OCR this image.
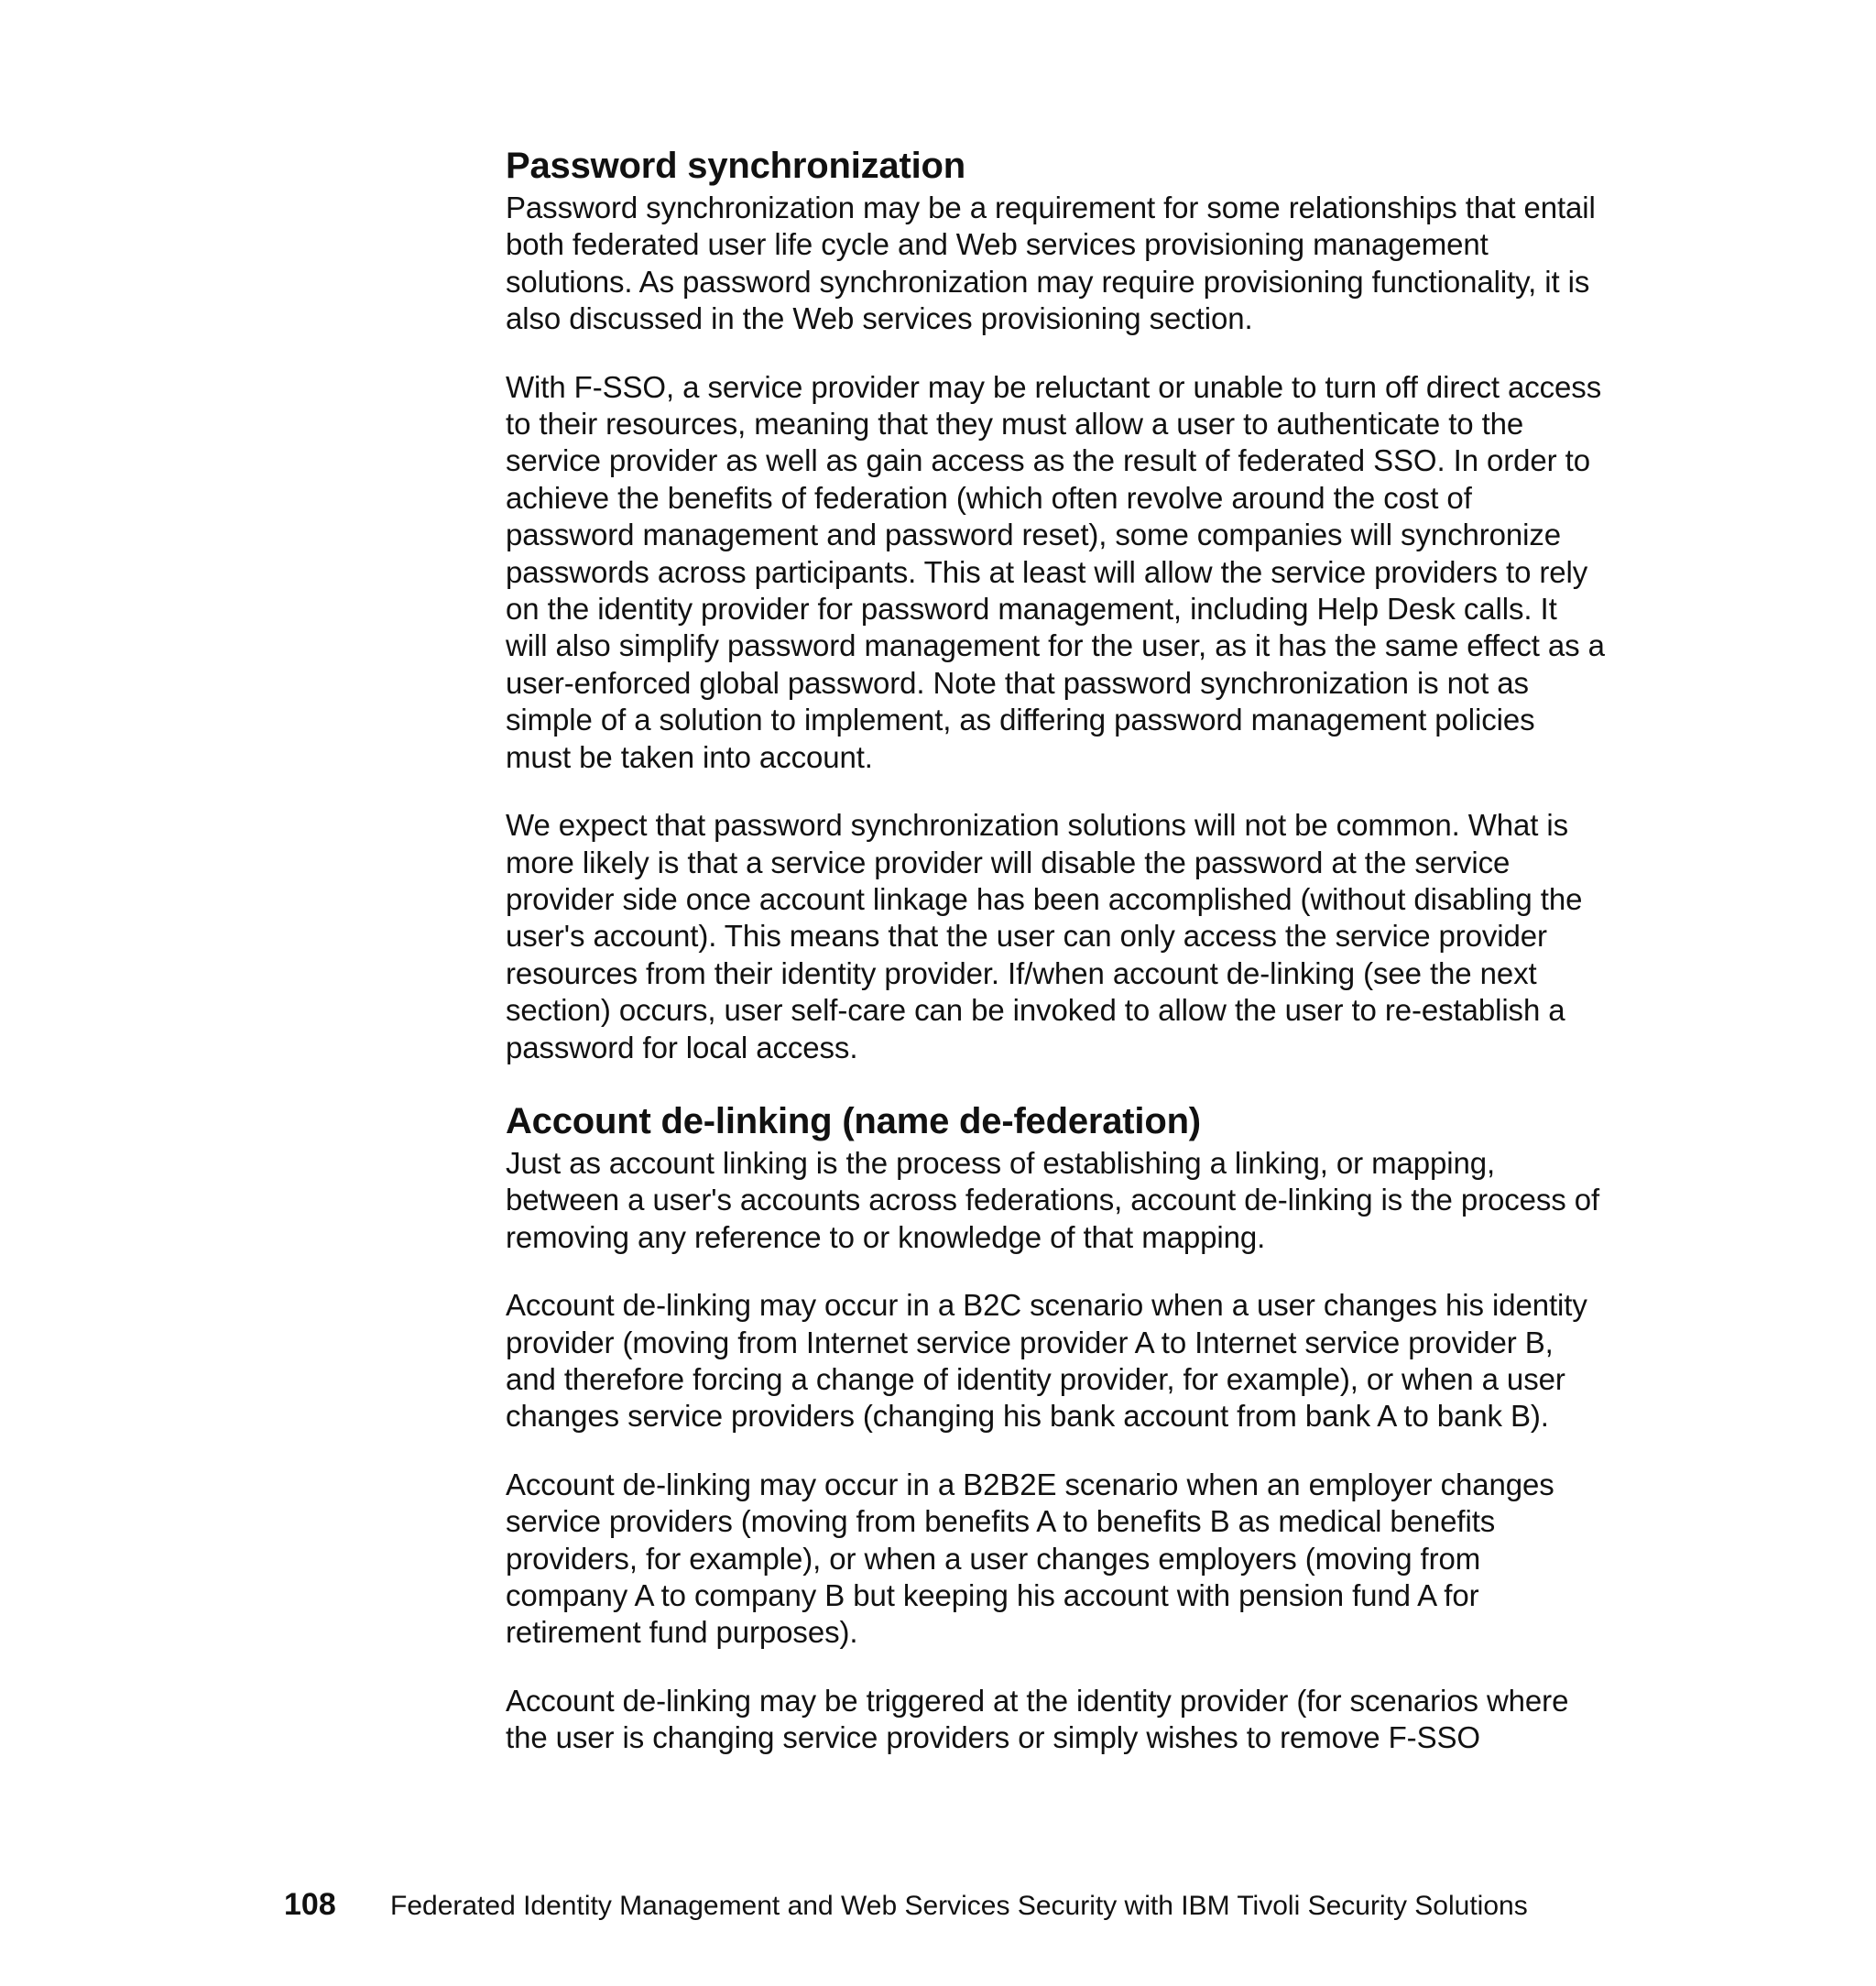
Password synchronization

Password synchronization may be a requirement for some relationships that entail both federated user life cycle and Web services provisioning management solutions. As password synchronization may require provisioning functionality, it is also discussed in the Web services provisioning section.

With F-SSO, a service provider may be reluctant or unable to turn off direct access to their resources, meaning that they must allow a user to authenticate to the service provider as well as gain access as the result of federated SSO. In order to achieve the benefits of federation (which often revolve around the cost of password management and password reset), some companies will synchronize passwords across participants. This at least will allow the service providers to rely on the identity provider for password management, including Help Desk calls. It will also simplify password management for the user, as it has the same effect as a user-enforced global password. Note that password synchronization is not as simple of a solution to implement, as differing password management policies must be taken into account.

We expect that password synchronization solutions will not be common. What is more likely is that a service provider will disable the password at the service provider side once account linkage has been accomplished (without disabling the user's account). This means that the user can only access the service provider resources from their identity provider. If/when account de-linking (see the next section) occurs, user self-care can be invoked to allow the user to re-establish a password for local access.

Account de-linking (name de-federation)

Just as account linking is the process of establishing a linking, or mapping, between a user's accounts across federations, account de-linking is the process of removing any reference to or knowledge of that mapping.

Account de-linking may occur in a B2C scenario when a user changes his identity provider (moving from Internet service provider A to Internet service provider B, and therefore forcing a change of identity provider, for example), or when a user changes service providers (changing his bank account from bank A to bank B).

Account de-linking may occur in a B2B2E scenario when an employer changes service providers (moving from benefits A to benefits B as medical benefits providers, for example), or when a user changes employers (moving from company A to company B but keeping his account with pension fund A for retirement fund purposes).

Account de-linking may be triggered at the identity provider (for scenarios where the user is changing service providers or simply wishes to remove F-SSO

108	Federated Identity Management and Web Services Security with IBM Tivoli Security Solutions
